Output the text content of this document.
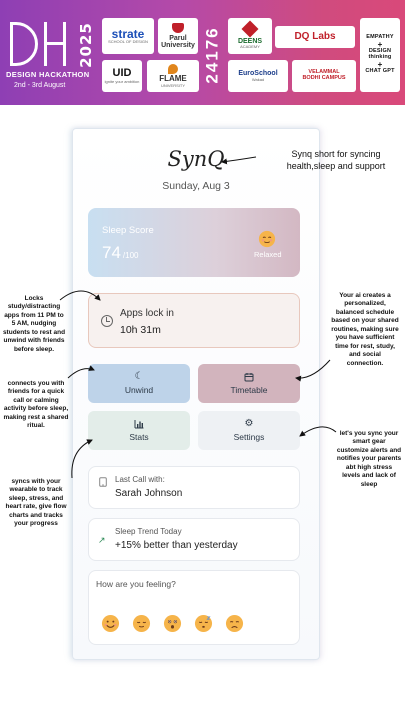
2025
DESIGN HACKATHON
2nd - 3rd August
strate
SCHOOL OF DESIGN
Parul
University
UID
ignite your ambition FLAME
UNIVERSITY
24176 DEENS
ACADEMY
DQ Labs
EuroSchool
Wakad
VELAMMAL
BODHI CAMPUS
EMPATHY
+
DESIGN
thinking
+
CHAT GPT
SynQ
Sunday, Aug 3
Sleep Score
74 /100	Relaxed
Apps lock in
10h 31m
☾
Unwind	Timetable
Stats
⚙
Settings
Last Call with:
Sarah Johnson
↗
Sleep Trend Today
+15% better than yesterday
How are you feeling?
Synq short for syncing health,sleep and support
Locks study/distracting apps from 11 PM to 5 AM, nudging students to rest and unwind with friends before sleep.
Your ai creates a personalized, balanced schedule based on your shared routines, making sure you have sufficient time for rest, study, and social connection.
connects you with friends for a quick call or calming activity before sleep, making rest a shared ritual.
let's you sync your smart gear customize alerts and notifies your parents abt high stress levels and lack of sleep
syncs with your wearable to track sleep, stress, and heart rate, give flow charts and tracks your progress
